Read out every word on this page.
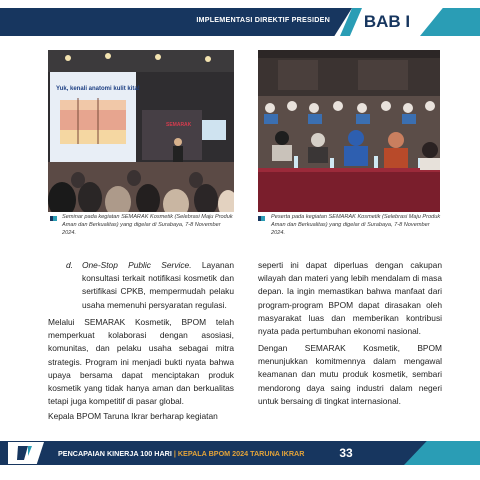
IMPLEMENTASI DIREKTIF PRESIDEN	BAB I
Yuk, kenali anatomi kulit kita!
SEMARAK
Seminar pada kegiatan SEMARAK Kosmetik (Selebrasi Maju Produk Aman dan Berkualitas) yang digelar di Surabaya, 7-8 November 2024.
Peserta pada kegiatan SEMARAK Kosmetik (Selebrasi Maju Produk Aman dan Berkualitas) yang digelar di Surabaya, 7-8 November 2024.
d. One-Stop Public Service. Layanan konsultasi terkait notifikasi kosmetik dan sertifikasi CPKB, mempermudah pelaku usaha memenuhi persyaratan regulasi.
Melalui SEMARAK Kosmetik, BPOM telah memperkuat kolaborasi dengan asosiasi, komunitas, dan pelaku usaha sebagai mitra strategis. Program ini menjadi bukti nyata bahwa upaya bersama dapat menciptakan produk kosmetik yang tidak hanya aman dan berkualitas tetapi juga kompetitif di pasar global.
Kepala BPOM Taruna Ikrar berharap kegiatan
seperti ini dapat diperluas dengan cakupan wilayah dan materi yang lebih mendalam di masa depan. Ia ingin memastikan bahwa manfaat dari program-program BPOM dapat dirasakan oleh masyarakat luas dan memberikan kontribusi nyata pada pertumbuhan ekonomi nasional.
Dengan SEMARAK Kosmetik, BPOM menunjukkan komitmennya dalam mengawal keamanan dan mutu produk kosmetik, sembari mendorong daya saing industri dalam negeri untuk bersaing di tingkat internasional.
PENCAPAIAN KINERJA 100 HARI | KEPALA BPOM 2024 TARUNA IKRAR	33
